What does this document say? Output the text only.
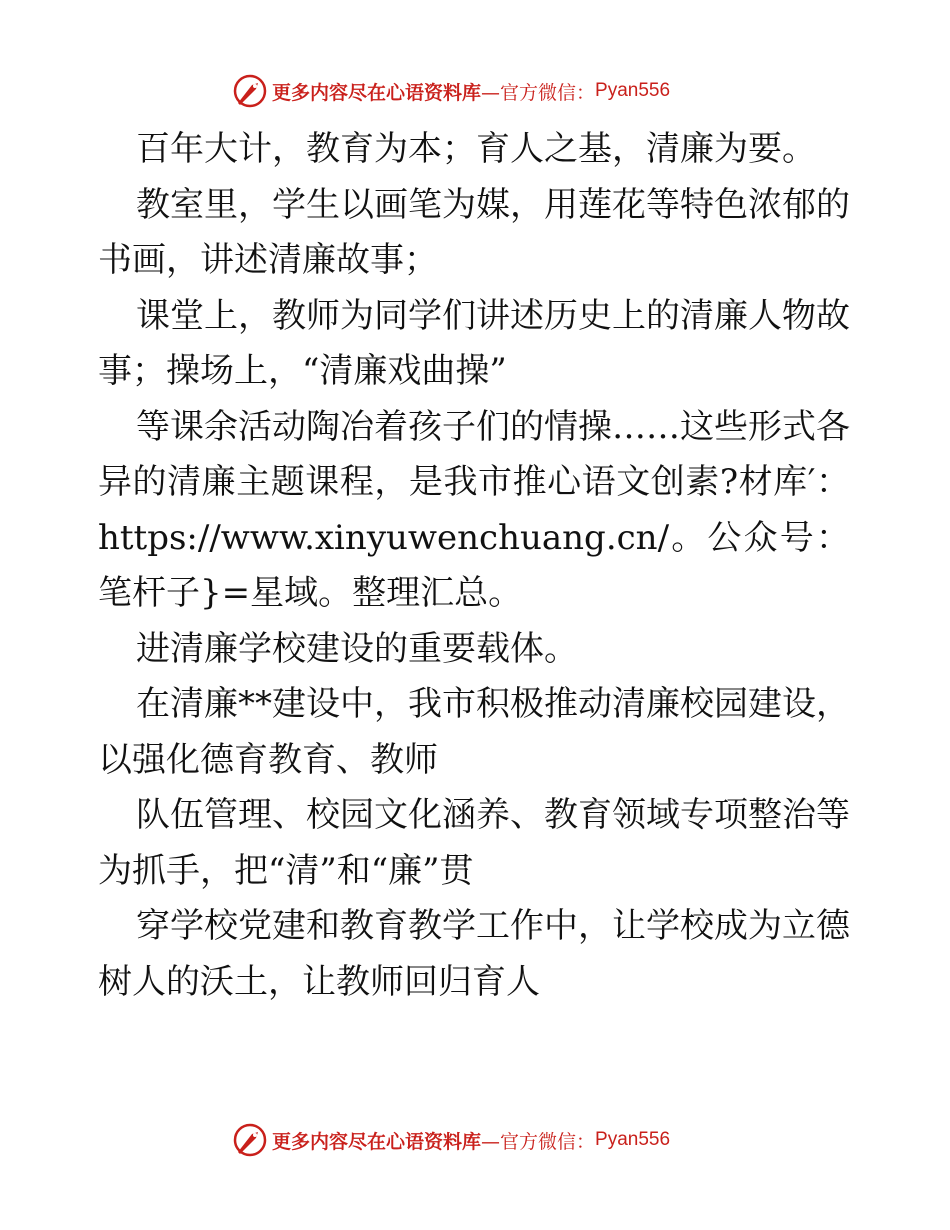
更多内容尽在心语资料库 —官方微信： Pyan556

百年大计，教育为本；育人之基，清廉为要。

教室里，学生以画笔为媒，用莲花等特色浓郁的书画，讲述清廉故事；

课堂上，教师为同学们讲述历史上的清廉人物故事；操场上，“清廉戏曲操”

等课余活动陶冶着孩子们的情操……这些形式各异的清廉主题课程，是我市推心语文创素?材库′：https://www.xinyuwenchuang.cn/。公众号：笔杆子}=星域。整理汇总。

进清廉学校建设的重要载体。

在清廉**建设中，我市积极推动清廉校园建设，以强化德育教育、教师

队伍管理、校园文化涵养、教育领域专项整治等为抓手，把“清”和“廉”贯

穿学校党建和教育教学工作中，让学校成为立德树人的沃土，让教师回归育人

更多内容尽在心语资料库 —官方微信： Pyan556
